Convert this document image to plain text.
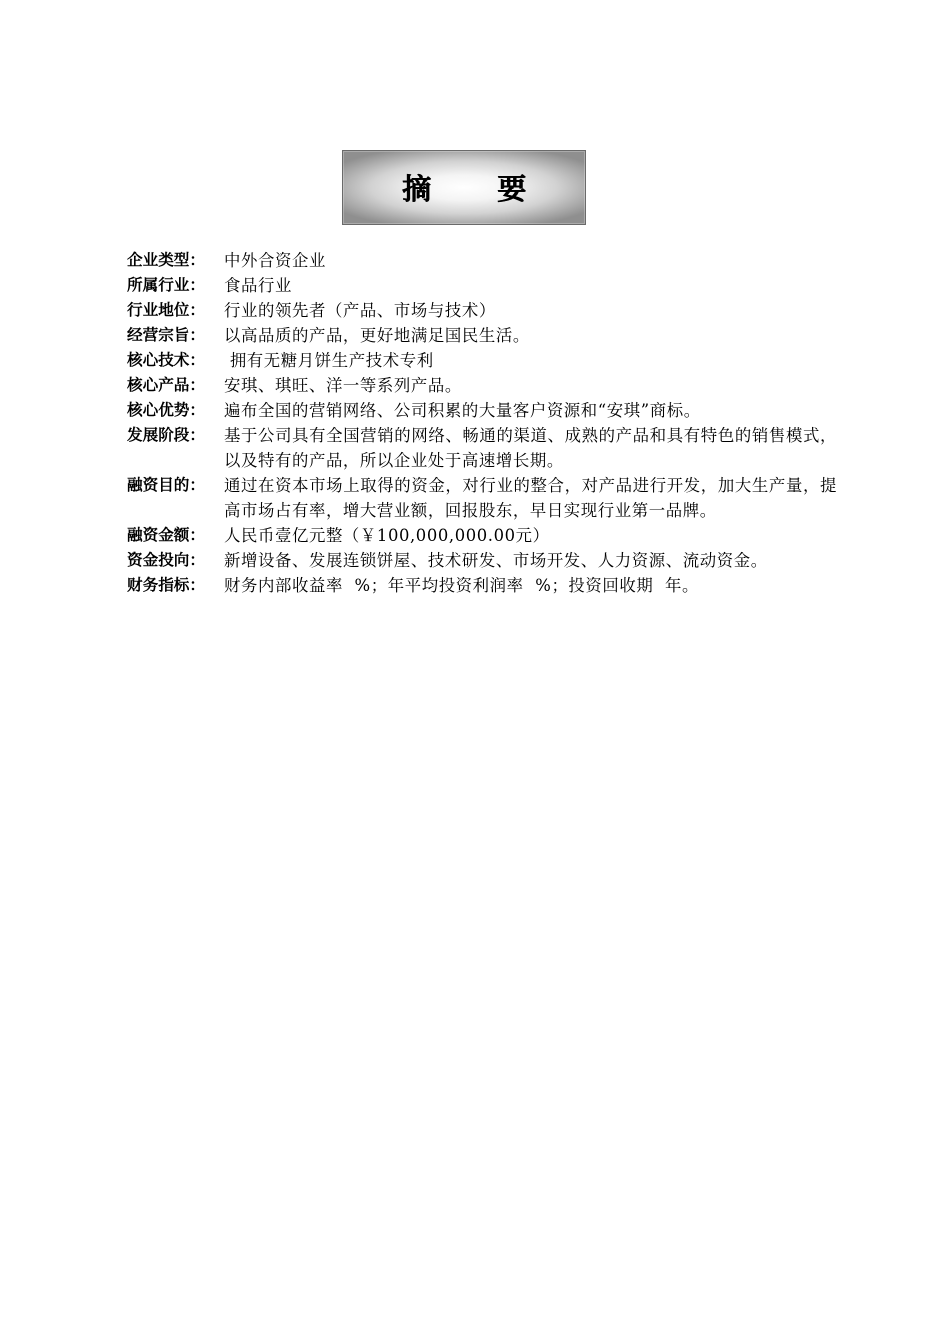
摘 要
企业类型：	中外合资企业
所属行业：	食品行业
行业地位：	行业的领先者（产品、市场与技术）
经营宗旨：	以高品质的产品，更好地满足国民生活。
核心技术：	拥有无糖月饼生产技术专利
核心产品：	安琪、琪旺、洋一等系列产品。
核心优势：	遍布全国的营销网络、公司积累的大量客户资源和“安琪”商标。
发展阶段：	基于公司具有全国营销的网络、畅通的渠道、成熟的产品和具有特色的销售模式，以及特有的产品，所以企业处于高速增长期。
融资目的：	通过在资本市场上取得的资金，对行业的整合，对产品进行开发，加大生产量，提高市场占有率，增大营业额，回报股东，早日实现行业第一品牌。
融资金额：	人民币壹亿元整（￥100,000,000.00元）
资金投向：	新增设备、发展连锁饼屋、技术研发、市场开发、人力资源、流动资金。
财务指标：	财务内部收益率  %；年平均投资利润率  %；投资回收期  年。
